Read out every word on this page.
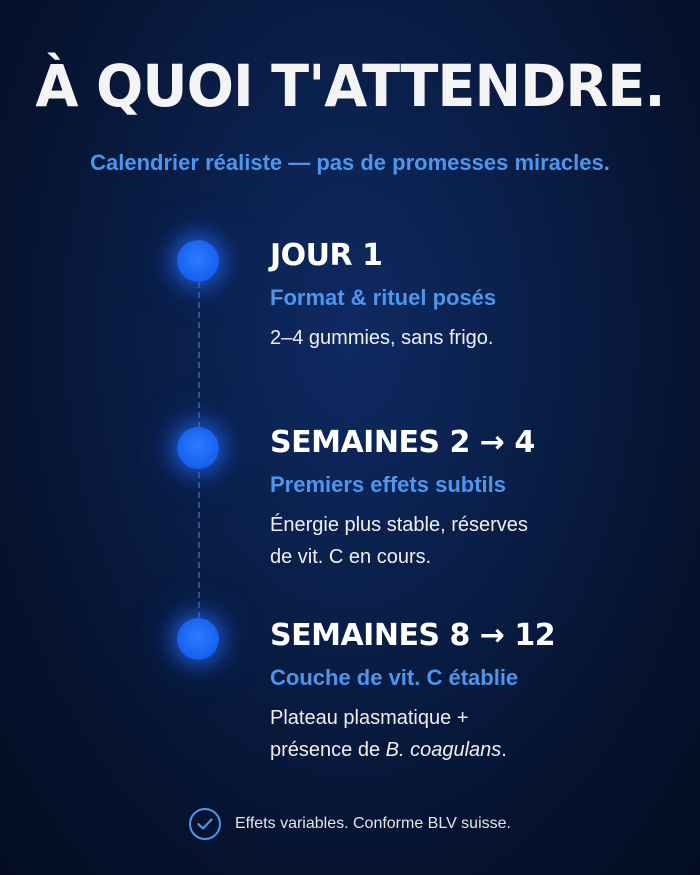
À QUOI T'ATTENDRE.
Calendrier réaliste — pas de promesses miracles.
JOUR 1
Format & rituel posés
2–4 gummies, sans frigo.
SEMAINES 2 → 4
Premiers effets subtils
Énergie plus stable, réserves
de vit. C en cours.
SEMAINES 8 → 12
Couche de vit. C établie
Plateau plasmatique +
présence de B. coagulans.
Effets variables. Conforme BLV suisse.
